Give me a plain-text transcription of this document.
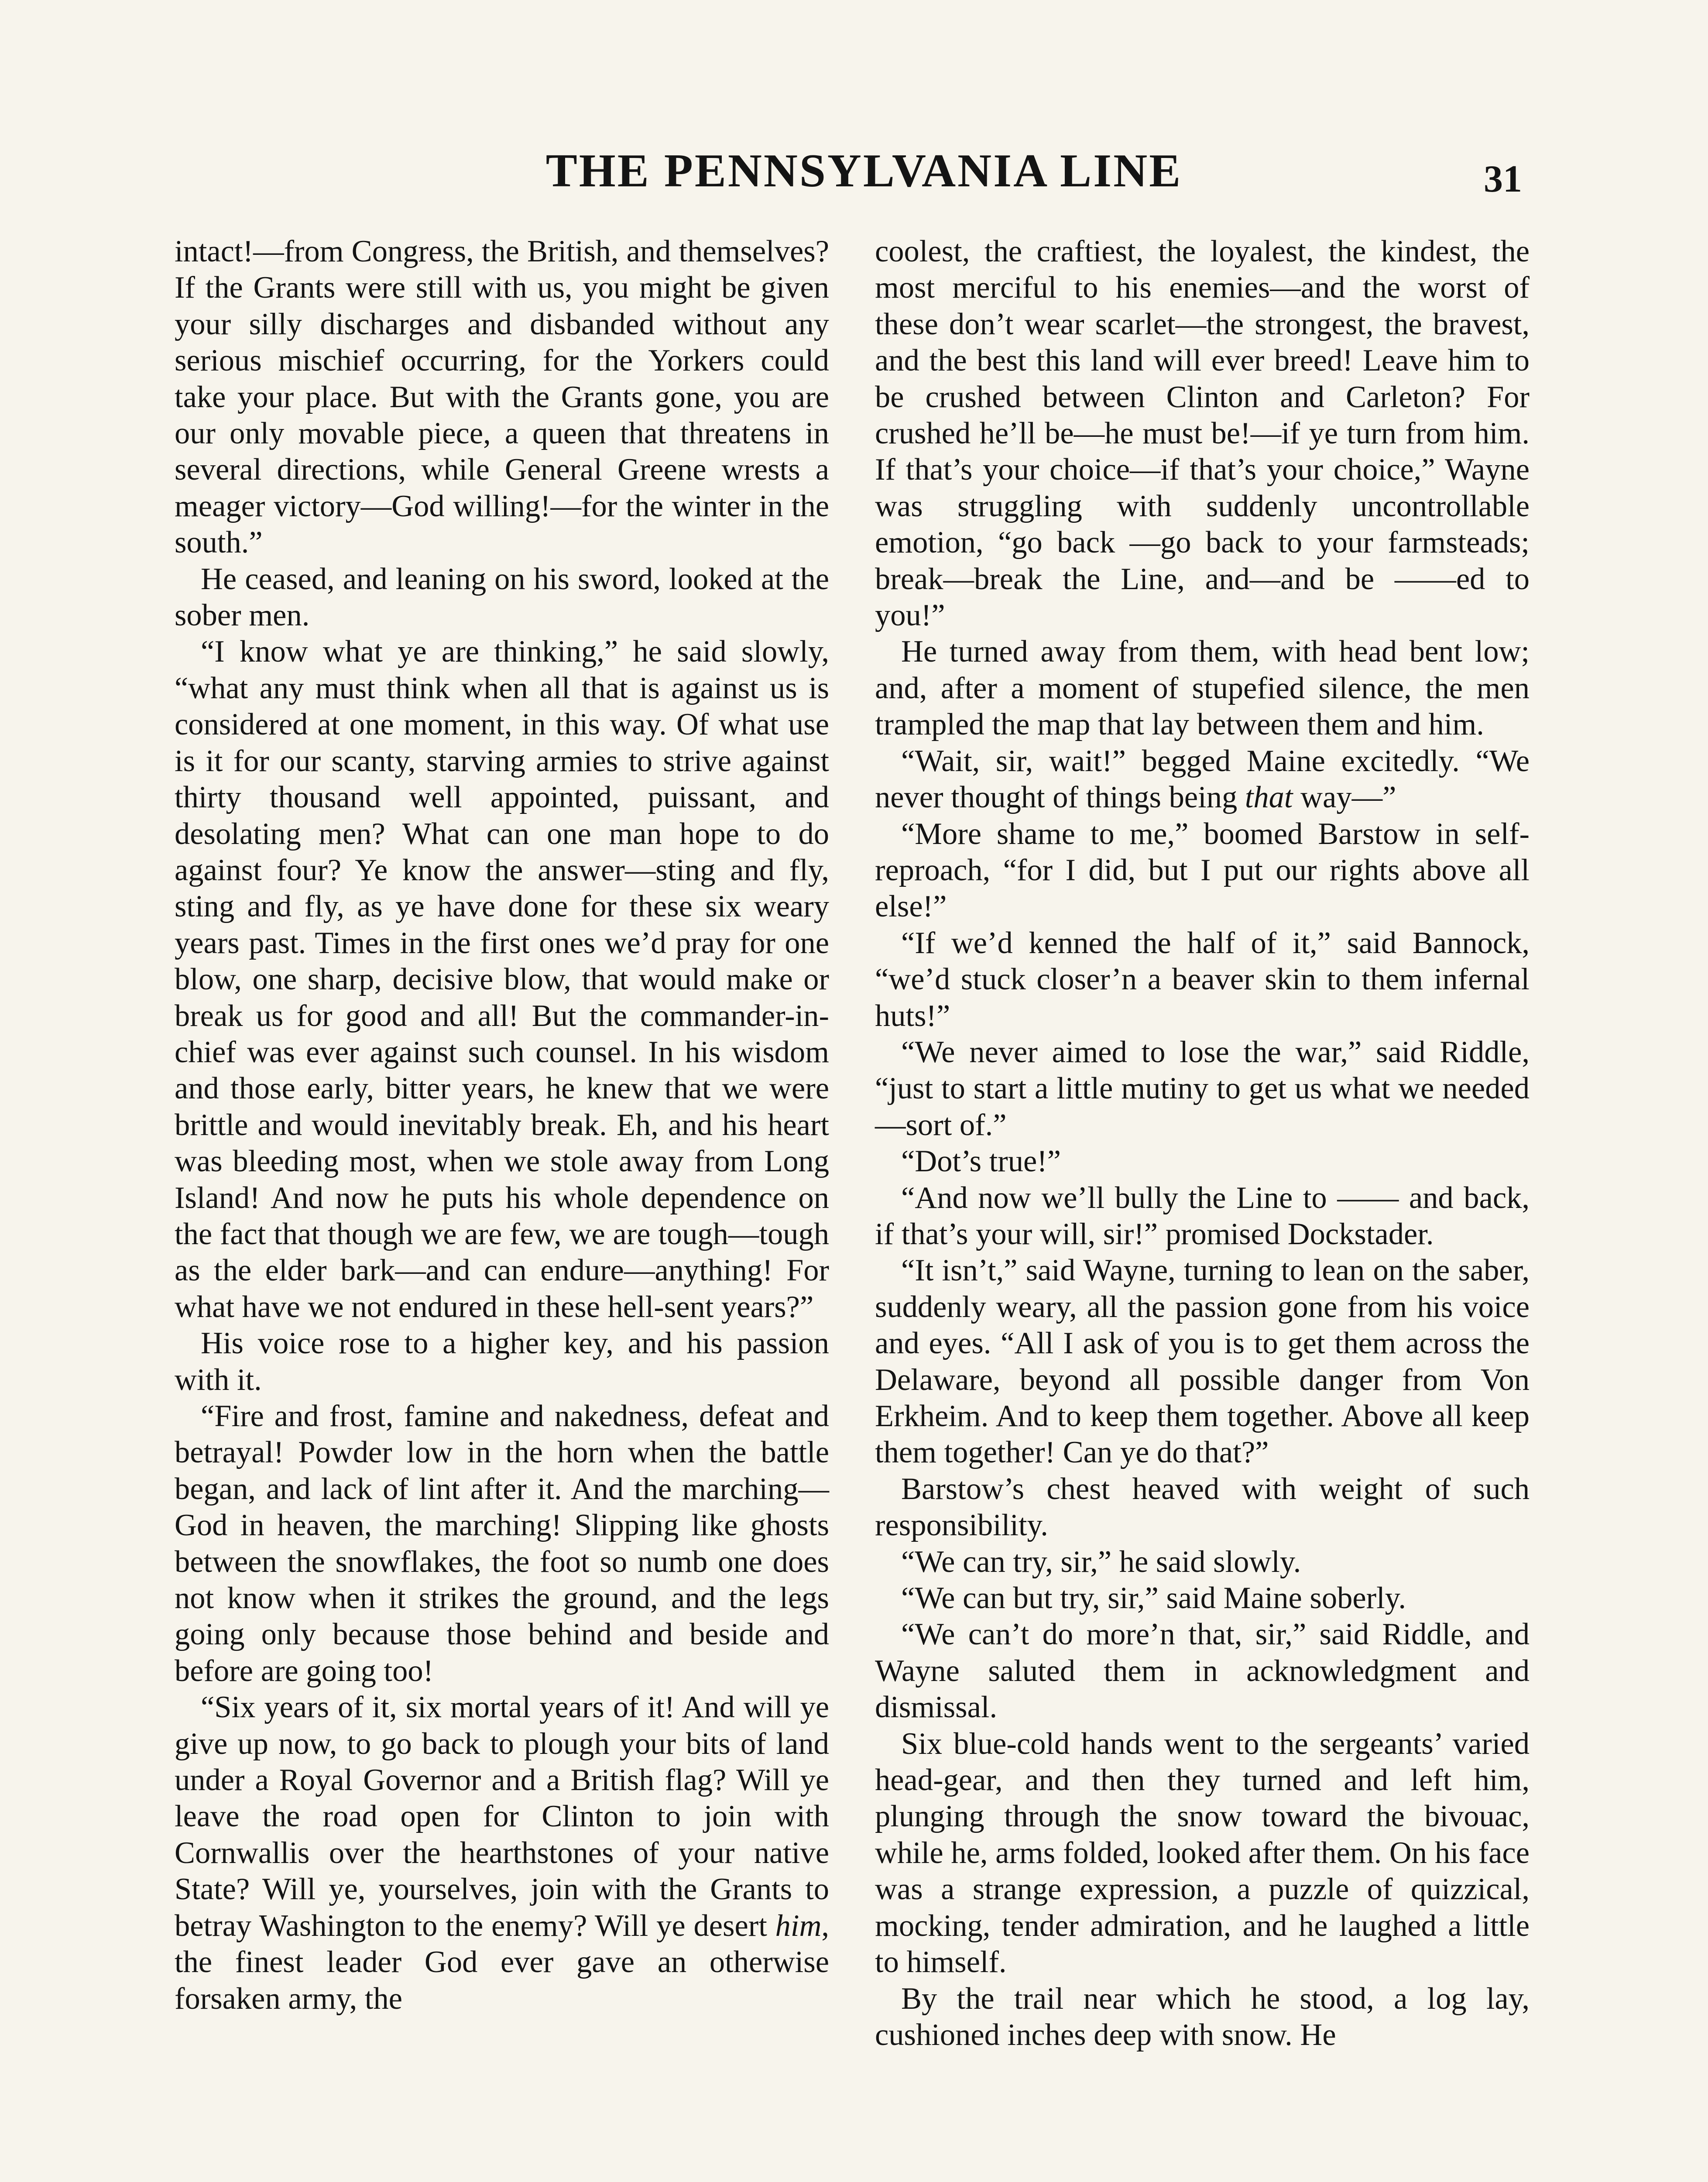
THE PENNSYLVANIA LINE	31

intact!—from Congress, the British, and themselves? If the Grants were still with us, you might be given your silly discharges and disbanded without any serious mischief occurring, for the Yorkers could take your place. But with the Grants gone, you are our only movable piece, a queen that threatens in several directions, while General Greene wrests a meager victory—God willing!—for the winter in the south.”

He ceased, and leaning on his sword, looked at the sober men.

“I know what ye are thinking,” he said slowly, “what any must think when all that is against us is considered at one moment, in this way. Of what use is it for our scanty, starving armies to strive against thirty thousand well appointed, puissant, and desolating men? What can one man hope to do against four? Ye know the answer—sting and fly, sting and fly, as ye have done for these six weary years past. Times in the first ones we’d pray for one blow, one sharp, decisive blow, that would make or break us for good and all! But the commander-in-chief was ever against such counsel. In his wisdom and those early, bitter years, he knew that we were brittle and would inevitably break. Eh, and his heart was bleeding most, when we stole away from Long Island! And now he puts his whole dependence on the fact that though we are few, we are tough—tough as the elder bark—and can endure—anything! For what have we not endured in these hell-sent years?”

His voice rose to a higher key, and his passion with it.

“Fire and frost, famine and nakedness, defeat and betrayal! Powder low in the horn when the battle began, and lack of lint after it. And the marching—God in heaven, the marching! Slipping like ghosts between the snowflakes, the foot so numb one does not know when it strikes the ground, and the legs going only because those behind and beside and before are going too!

“Six years of it, six mortal years of it! And will ye give up now, to go back to plough your bits of land under a Royal Governor and a British flag? Will ye leave the road open for Clinton to join with Cornwallis over the hearthstones of your native State? Will ye, yourselves, join with the Grants to betray Washington to the enemy? Will ye desert him, the finest leader God ever gave an otherwise forsaken army, the

coolest, the craftiest, the loyalest, the kindest, the most merciful to his enemies—and the worst of these don’t wear scarlet—the strongest, the bravest, and the best this land will ever breed! Leave him to be crushed between Clinton and Carleton? For crushed he’ll be—he must be!—if ye turn from him. If that’s your choice—if that’s your choice,” Wayne was struggling with suddenly uncontrollable emotion, “go back —go back to your farmsteads; break—break the Line, and—and be ——ed to you!”

He turned away from them, with head bent low; and, after a moment of stupefied silence, the men trampled the map that lay between them and him.

“Wait, sir, wait!” begged Maine excitedly. “We never thought of things being that way—”

“More shame to me,” boomed Barstow in self-reproach, “for I did, but I put our rights above all else!”

“If we’d kenned the half of it,” said Bannock, “we’d stuck closer’n a beaver skin to them infernal huts!”

“We never aimed to lose the war,” said Riddle, “just to start a little mutiny to get us what we needed—sort of.”

“Dot’s true!”

“And now we’ll bully the Line to —— and back, if that’s your will, sir!” promised Dockstader.

“It isn’t,” said Wayne, turning to lean on the saber, suddenly weary, all the passion gone from his voice and eyes. “All I ask of you is to get them across the Delaware, beyond all possible danger from Von Erkheim. And to keep them together. Above all keep them together! Can ye do that?”

Barstow’s chest heaved with weight of such responsibility.

“We can try, sir,” he said slowly.

“We can but try, sir,” said Maine soberly.

“We can’t do more’n that, sir,” said Riddle, and Wayne saluted them in acknowledgment and dismissal.

Six blue-cold hands went to the sergeants’ varied head-gear, and then they turned and left him, plunging through the snow toward the bivouac, while he, arms folded, looked after them. On his face was a strange expression, a puzzle of quizzical, mocking, tender admiration, and he laughed a little to himself.

By the trail near which he stood, a log lay, cushioned inches deep with snow. He
